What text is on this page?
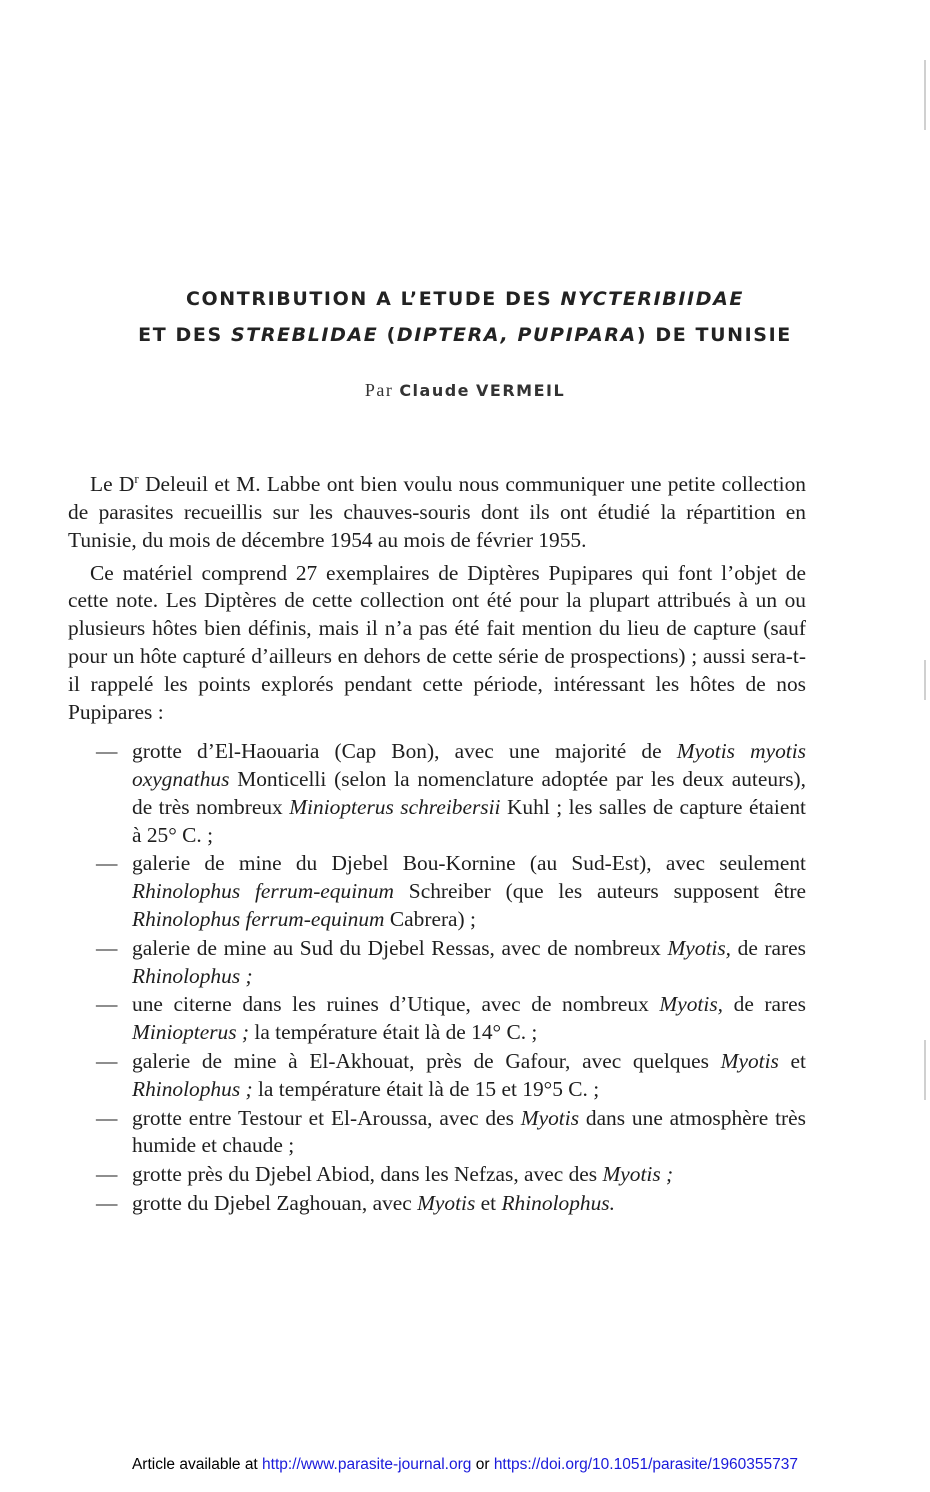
CONTRIBUTION A L’ETUDE DES NYCTERIBIIDAE
ET DES STREBLIDAE (DIPTERA, PUPIPARA) DE TUNISIE
Par Claude VERMEIL

Le $D^r$ Deleuil et M. Labbe ont bien voulu nous communiquer une petite collection de parasites recueillis sur les chauves-souris dont ils ont étudié la répartition en Tunisie, du mois de décembre 1954 au mois de février 1955.

Ce matériel comprend 27 exemplaires de Diptères Pupipares qui font l’objet de cette note. Les Diptères de cette collection ont été pour la plupart attribués à un ou plusieurs hôtes bien définis, mais il n’a pas été fait mention du lieu de capture (sauf pour un hôte capturé d’ailleurs en dehors de cette série de prospections) ; aussi sera-t-il rappelé les points explorés pendant cette période, intéressant les hôtes de nos Pupipares :

— grotte d’El-Haouaria (Cap Bon), avec une majorité de Myotis myotis oxygnathus Monticelli (selon la nomenclature adoptée par les deux auteurs), de très nombreux Miniopterus schreibersii Kuhl ; les salles de capture étaient à 25° C. ;
— galerie de mine du Djebel Bou-Kornine (au Sud-Est), avec seulement Rhinolophus ferrum-equinum Schreiber (que les auteurs supposent être Rhinolophus ferrum-equinum Cabrera) ;
— galerie de mine au Sud du Djebel Ressas, avec de nombreux Myotis, de rares Rhinolophus ;
— une citerne dans les ruines d’Utique, avec de nombreux Myotis, de rares Miniopterus ; la température était là de 14° C. ;
— galerie de mine à El-Akhouat, près de Gafour, avec quelques Myotis et Rhinolophus ; la température était là de 15 et 19°5 C. ;
— grotte entre Testour et El-Aroussa, avec des Myotis dans une atmosphère très humide et chaude ;
— grotte près du Djebel Abiod, dans les Nefzas, avec des Myotis ;
— grotte du Djebel Zaghouan, avec Myotis et Rhinolophus.
Article available at http://www.parasite-journal.org or https://doi.org/10.1051/parasite/1960355737
